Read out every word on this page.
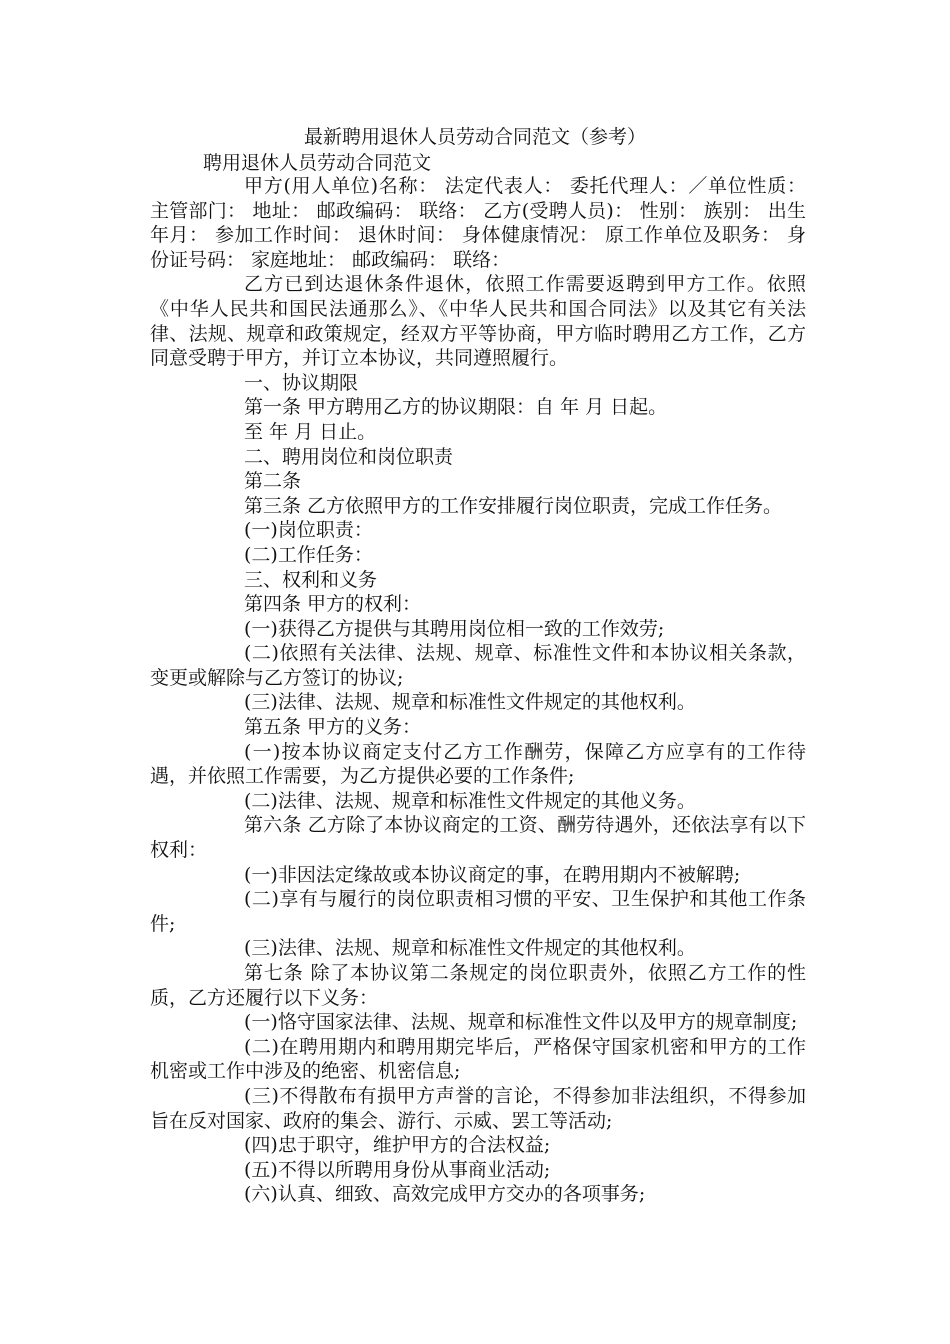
最新聘用退休人员劳动合同范文（参考）
聘用退休人员劳动合同范文

甲方(用人单位)名称： 法定代表人： 委托代理人：／单位性质： 主管部门： 地址： 邮政编码： 联络： 乙方(受聘人员)： 性别： 族别： 出生年月： 参加工作时间： 退休时间： 身体健康情况： 原工作单位及职务： 身份证号码： 家庭地址： 邮政编码： 联络：

乙方已到达退休条件退休，依照工作需要返聘到甲方工作。依照《中华人民共和国民法通那么》、《中华人民共和国合同法》以及其它有关法律、法规、规章和政策规定，经双方平等协商，甲方临时聘用乙方工作，乙方同意受聘于甲方，并订立本协议，共同遵照履行。

一、协议期限

第一条 甲方聘用乙方的协议期限：自 年 月 日起。

至 年 月 日止。

二、聘用岗位和岗位职责

第二条

第三条 乙方依照甲方的工作安排履行岗位职责，完成工作任务。

(一)岗位职责：

(二)工作任务：

三、权利和义务

第四条 甲方的权利：

(一)获得乙方提供与其聘用岗位相一致的工作效劳;

(二)依照有关法律、法规、规章、标准性文件和本协议相关条款，变更或解除与乙方签订的协议;

(三)法律、法规、规章和标准性文件规定的其他权利。

第五条 甲方的义务：

(一)按本协议商定支付乙方工作酬劳，保障乙方应享有的工作待遇，并依照工作需要，为乙方提供必要的工作条件;

(二)法律、法规、规章和标准性文件规定的其他义务。

第六条 乙方除了本协议商定的工资、酬劳待遇外，还依法享有以下权利：

(一)非因法定缘故或本协议商定的事，在聘用期内不被解聘;

(二)享有与履行的岗位职责相习惯的平安、卫生保护和其他工作条件;

(三)法律、法规、规章和标准性文件规定的其他权利。

第七条 除了本协议第二条规定的岗位职责外，依照乙方工作的性质，乙方还履行以下义务：

(一)恪守国家法律、法规、规章和标准性文件以及甲方的规章制度;

(二)在聘用期内和聘用期完毕后，严格保守国家机密和甲方的工作机密或工作中涉及的绝密、机密信息;

(三)不得散布有损甲方声誉的言论，不得参加非法组织，不得参加旨在反对国家、政府的集会、游行、示威、罢工等活动;

(四)忠于职守，维护甲方的合法权益;

(五)不得以所聘用身份从事商业活动;

(六)认真、细致、高效完成甲方交办的各项事务;
